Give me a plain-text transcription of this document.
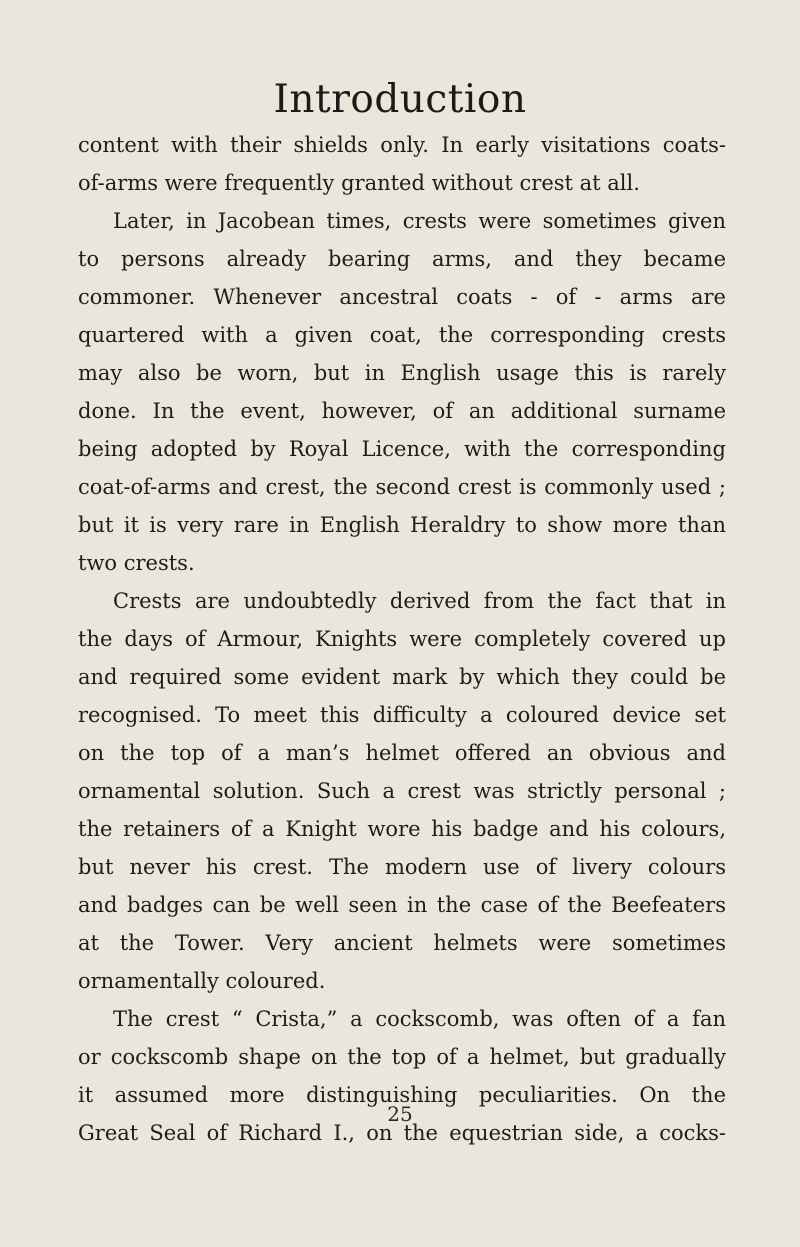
Introduction
content with their shields only. In early visitations coats-
of-arms were frequently granted without crest at all.
Later, in Jacobean times, crests were sometimes given
to persons already bearing arms, and they became
commoner. Whenever ancestral coats - of - arms are
quartered with a given coat, the corresponding crests
may also be worn, but in English usage this is rarely
done. In the event, however, of an additional surname
being adopted by Royal Licence, with the corresponding
coat-of-arms and crest, the second crest is commonly used ;
but it is very rare in English Heraldry to show more than
two crests.
Crests are undoubtedly derived from the fact that in
the days of Armour, Knights were completely covered up
and required some evident mark by which they could be
recognised. To meet this difficulty a coloured device set
on the top of a man’s helmet offered an obvious and
ornamental solution. Such a crest was strictly personal ;
the retainers of a Knight wore his badge and his colours,
but never his crest. The modern use of livery colours
and badges can be well seen in the case of the Beefeaters
at the Tower. Very ancient helmets were sometimes
ornamentally coloured.
The crest “ Crista,” a cockscomb, was often of a fan
or cockscomb shape on the top of a helmet, but gradually
it assumed more distinguishing peculiarities. On the
Great Seal of Richard I., on the equestrian side, a cocks-
25
